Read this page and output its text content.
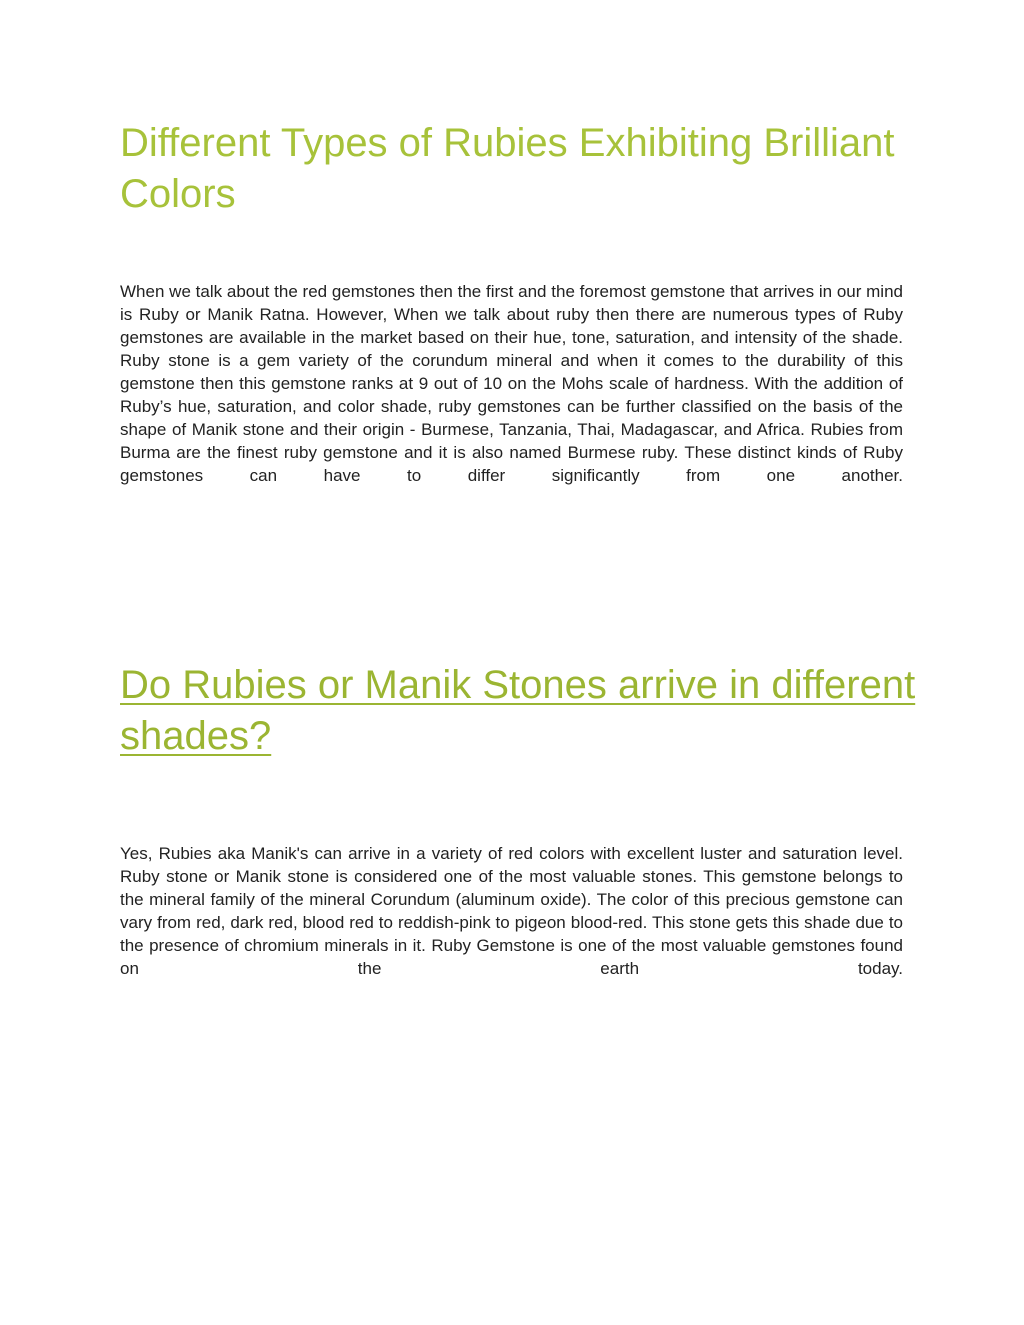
Different Types of Rubies Exhibiting Brilliant Colors

When we talk about the red gemstones then the first and the foremost gemstone that arrives in our mind is Ruby or Manik Ratna. However, When we talk about ruby then there are numerous types of Ruby gemstones are available in the market based on their hue, tone, saturation, and intensity of the shade. Ruby stone is a gem variety of the corundum mineral and when it comes to the durability of this gemstone then this gemstone ranks at 9 out of 10 on the Mohs scale of hardness. With the addition of Ruby’s hue, saturation, and color shade, ruby gemstones can be further classified on the basis of the shape of Manik stone and their origin - Burmese, Tanzania, Thai, Madagascar, and Africa. Rubies from Burma are the finest ruby gemstone and it is also named Burmese ruby. These distinct kinds of Ruby gemstones can have to differ significantly from one another.

Do Rubies or Manik Stones arrive in different shades?

Yes, Rubies aka Manik's can arrive in a variety of red colors with excellent luster and saturation level. Ruby stone or Manik stone is considered one of the most valuable stones. This gemstone belongs to the mineral family of the mineral Corundum (aluminum oxide). The color of this precious gemstone can vary from red, dark red, blood red to reddish-pink to pigeon blood-red. This stone gets this shade due to the presence of chromium minerals in it. Ruby Gemstone is one of the most valuable gemstones found on the earth today.
